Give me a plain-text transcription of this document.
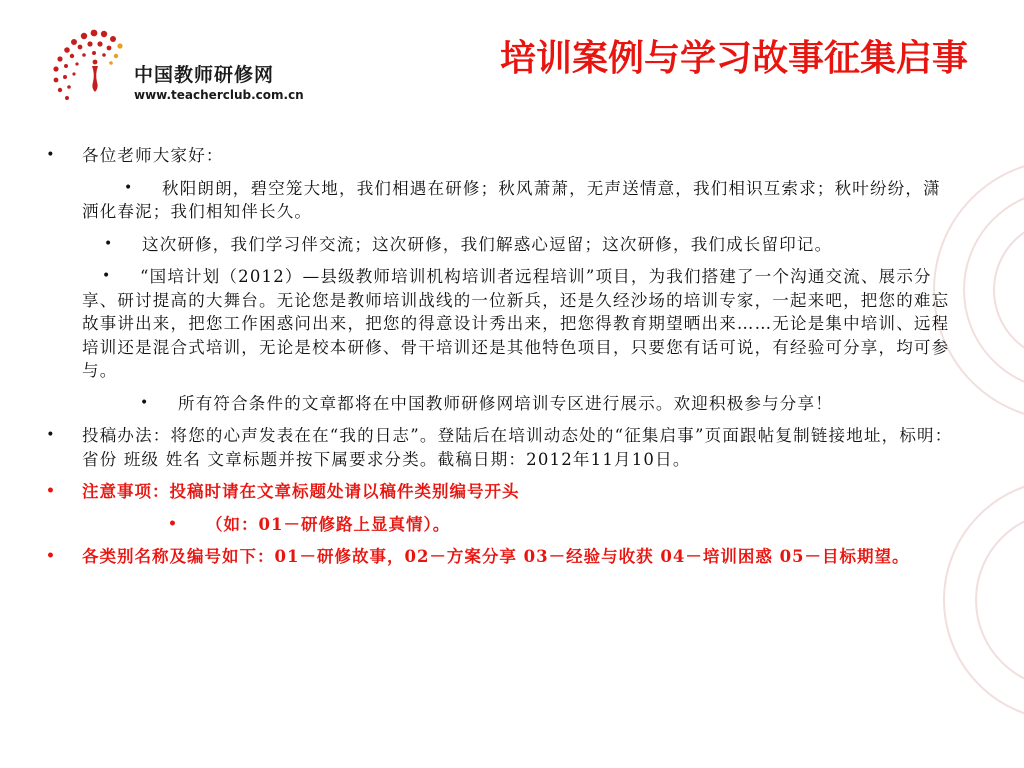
中国教师研修网
www.teacherclub.com.cn
培训案例与学习故事征集启事
• 各位老师大家好：
• 秋阳朗朗，碧空笼大地，我们相遇在研修；秋风萧萧，无声送情意，我们相识互索求；秋叶纷纷，潇洒化春泥；我们相知伴长久。
• 这次研修，我们学习伴交流；这次研修，我们解惑心逗留；这次研修，我们成长留印记。
• “国培计划（2012）—县级教师培训机构培训者远程培训”项目，为我们搭建了一个沟通交流、展示分享、研讨提高的大舞台。无论您是教师培训战线的一位新兵，还是久经沙场的培训专家，一起来吧，把您的难忘故事讲出来，把您工作困惑问出来，把您的得意设计秀出来，把您得教育期望晒出来……无论是集中培训、远程培训还是混合式培训，无论是校本研修、骨干培训还是其他特色项目，只要您有话可说，有经验可分享，均可参与。
• 所有符合条件的文章都将在中国教师研修网培训专区进行展示。欢迎积极参与分享！
• 投稿办法：将您的心声发表在在“我的日志”。登陆后在培训动态处的“征集启事”页面跟帖复制链接地址，标明：省份 班级 姓名 文章标题并按下属要求分类。截稿日期：2012年11月10日。
• 注意事项：投稿时请在文章标题处请以稿件类别编号开头
• （如：01－研修路上显真情）。
• 各类别名称及编号如下：01－研修故事，02－方案分享 03－经验与收获 04－培训困惑 05－目标期望。
